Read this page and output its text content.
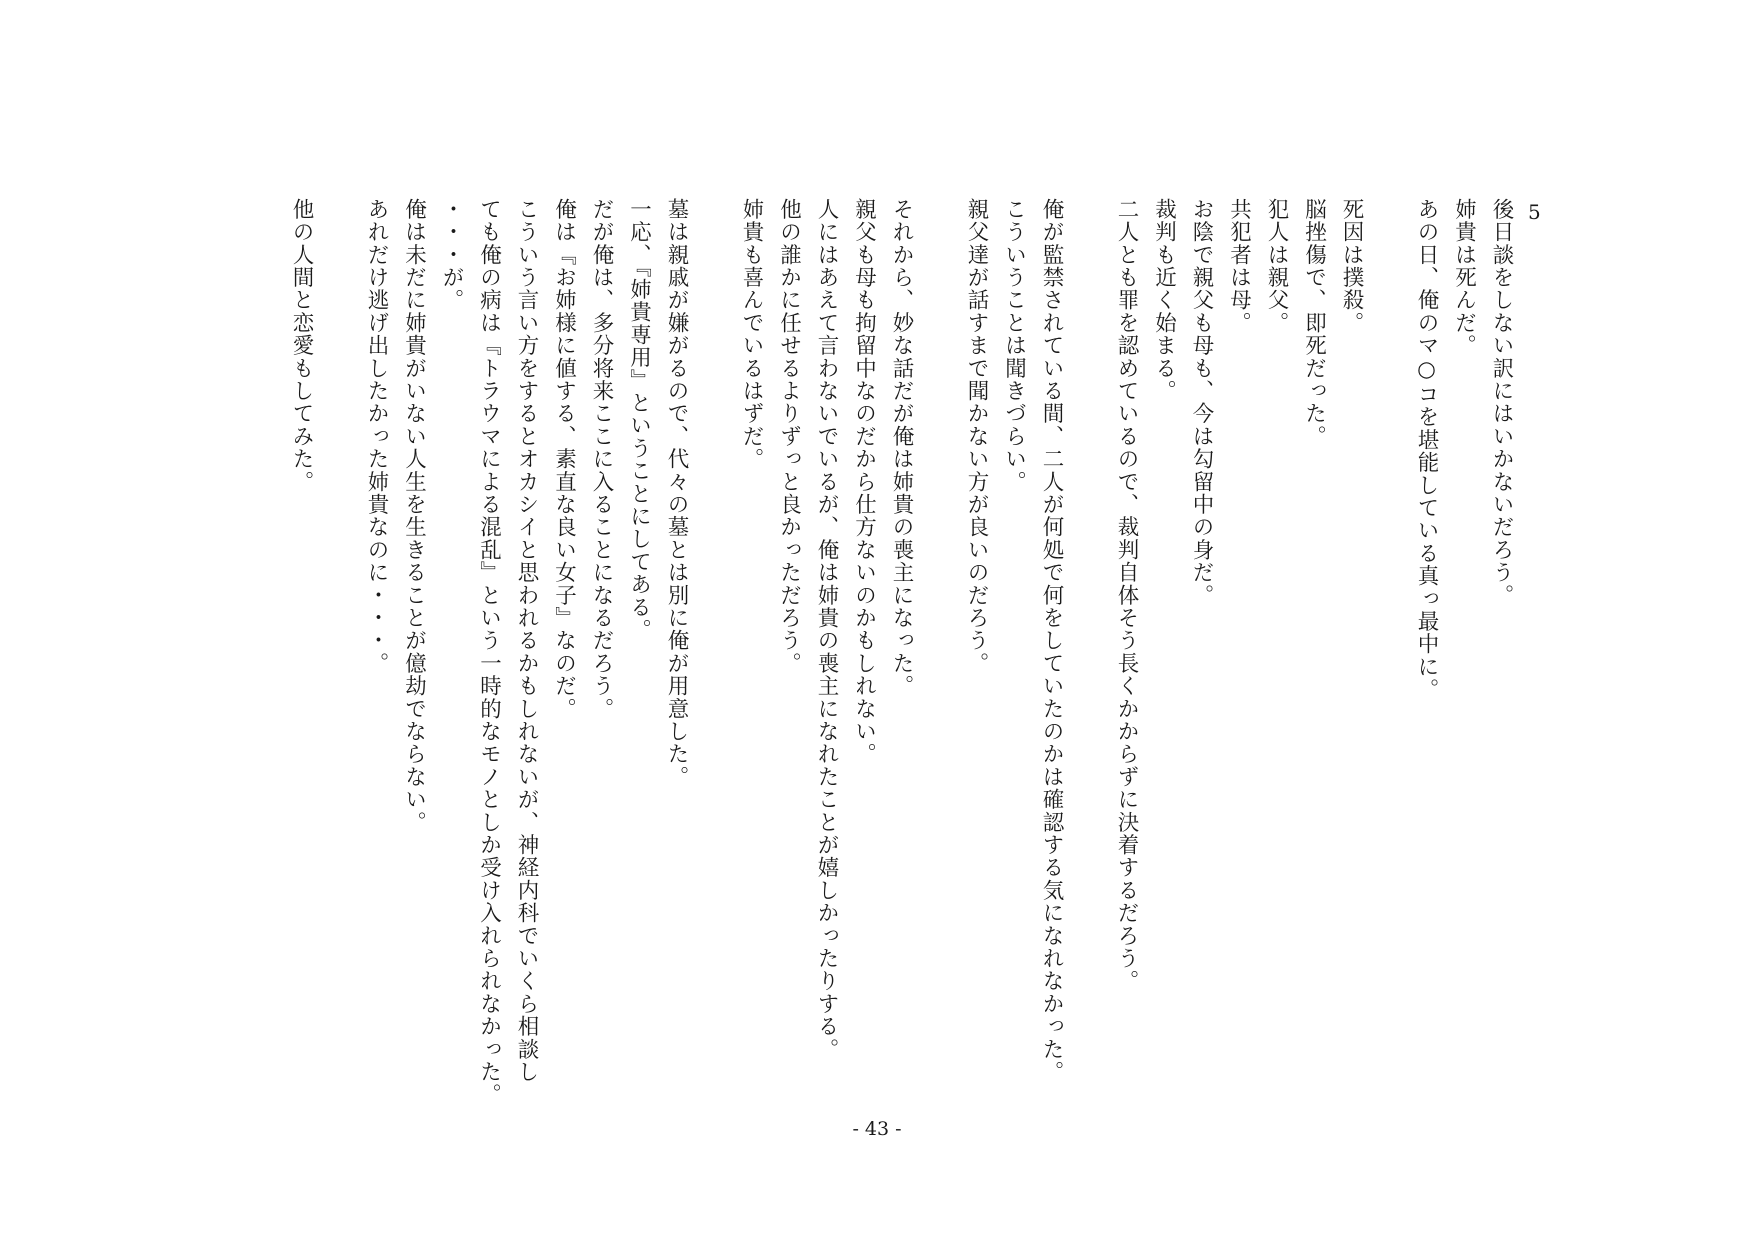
5
後日談をしない訳にはいかないだろう。
姉貴は死んだ。
あの日、俺のマ○コを堪能している真っ最中に。

死因は撲殺。
脳挫傷で、即死だった。
犯人は親父。
共犯者は母。
お陰で親父も母も、今は勾留中の身だ。
裁判も近く始まる。
二人とも罪を認めているので、裁判自体そう長くかからずに決着するだろう。

俺が監禁されている間、二人が何処で何をしていたのかは確認する気になれなかった。
こういうことは聞きづらい。
親父達が話すまで聞かない方が良いのだろう。

それから、妙な話だが俺は姉貴の喪主になった。
親父も母も拘留中なのだから仕方ないのかもしれない。
人にはあえて言わないでいるが、俺は姉貴の喪主になれたことが嬉しかったりする。
他の誰かに任せるよりずっと良かっただろう。
姉貴も喜んでいるはずだ。

墓は親戚が嫌がるので、代々の墓とは別に俺が用意した。
一応、『姉貴専用』ということにしてある。
だが俺は、多分将来ここに入ることになるだろう。
俺は『お姉様に値する、素直な良い女子』なのだ。
こういう言い方をするとオカシイと思われるかもしれないが、神経内科でいくら相談し
ても俺の病は『トラウマによる混乱』という一時的なモノとしか受け入れられなかった。
・・・が。
俺は未だに姉貴がいない人生を生きることが億劫でならない。
あれだけ逃げ出したかった姉貴なのに・・・。

他の人間と恋愛もしてみた。
- 43 -
